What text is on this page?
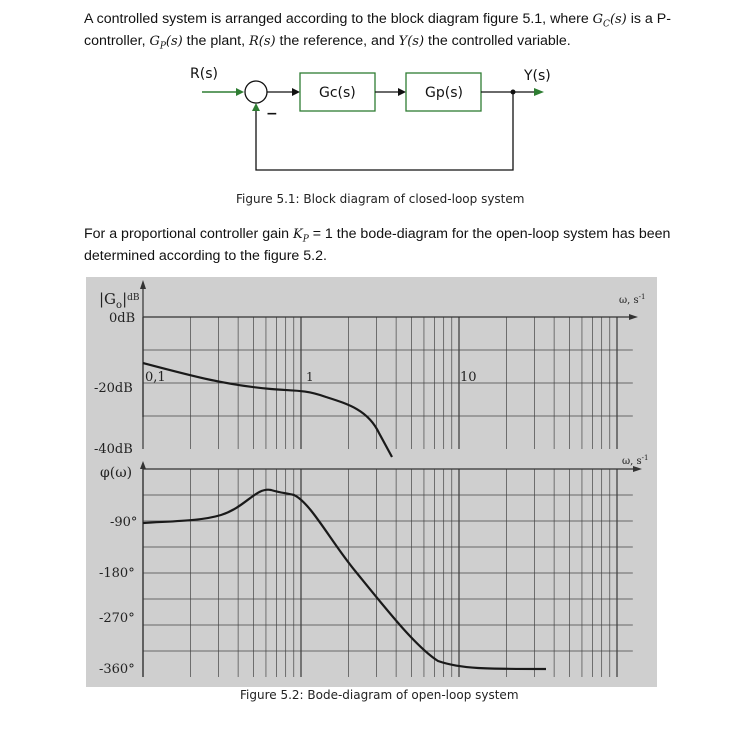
A controlled system is arranged according to the block diagram figure 5.1, where $G_C(s)$ is a P-controller, $G_P(s)$ the plant, R(s) the reference, and Y(s) the controlled variable.
R(s)	Y(s)
Gc(s)	Gp(s)
−
Figure 5.1: Block diagram of closed-loop system
For a proportional controller gain $K_P = 1$ the bode-diagram for the open-loop system has been determined according to the figure 5.2.
$|G_o|^{dB}$
φ(ω)
ω, $s^{-1}$
ω, $s^{-1}$
0dB
-20dB
-40dB
-90°
-180°
-270°
-360°
0,1	1	10
Figure 5.2: Bode-diagram of open-loop system
